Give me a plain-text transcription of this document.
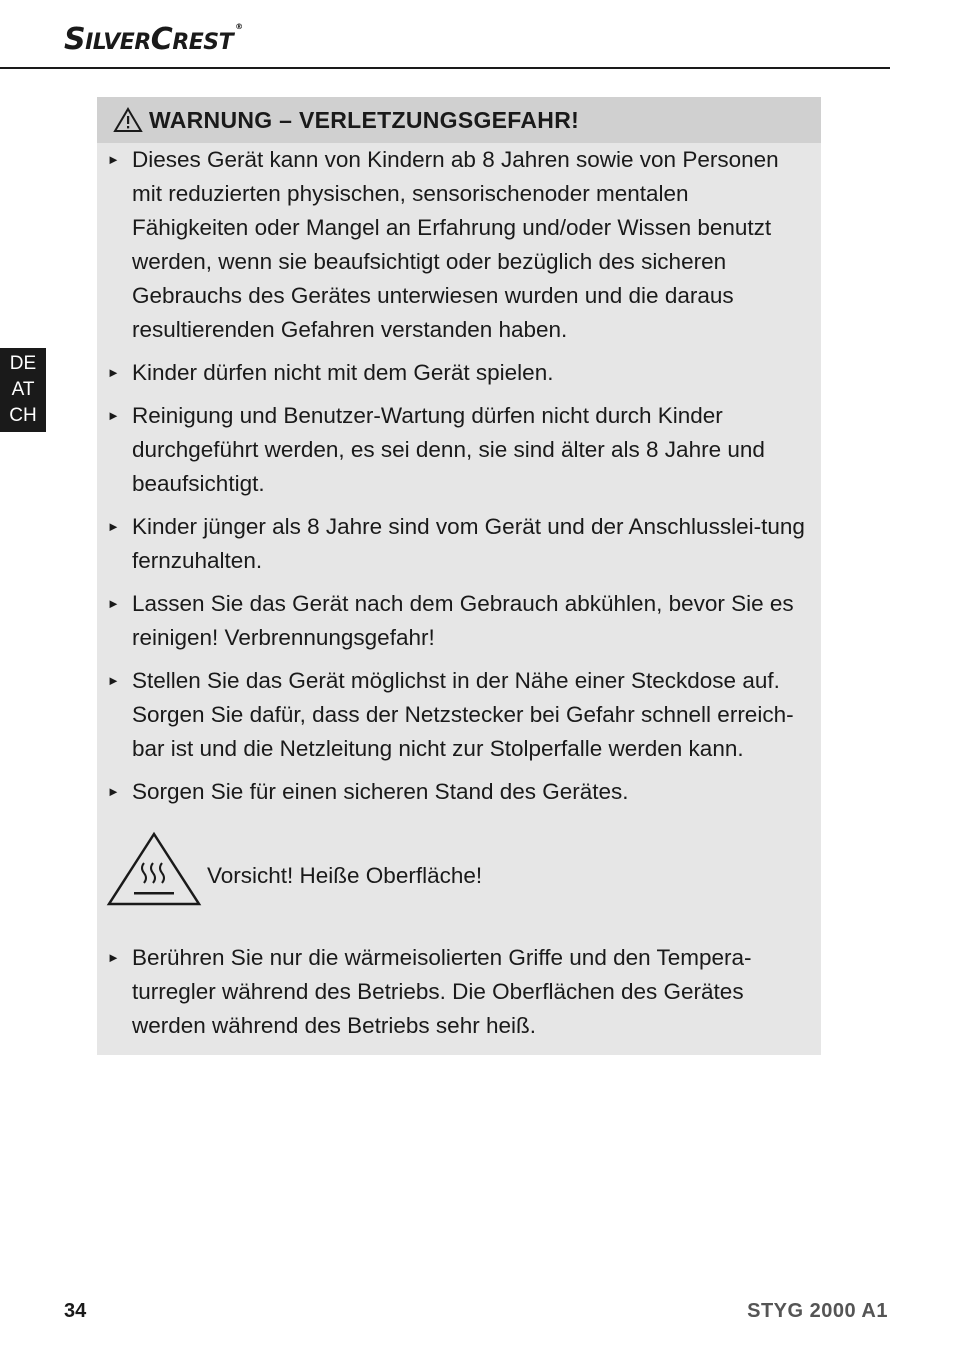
SILVERCREST®
DE
AT
CH
WARNUNG – VERLETZUNGSGEFAHR!
► Dieses Gerät kann von Kindern ab 8 Jahren sowie von Personen mit reduzierten physischen, sensorischenoder mentalen Fähigkeiten oder Mangel an Erfahrung und/oder Wissen benutzt werden, wenn sie beaufsichtigt oder bezüglich des sicheren Gebrauchs des Gerätes unterwiesen wurden und die daraus resultierenden Gefahren verstanden haben.
► Kinder dürfen nicht mit dem Gerät spielen.
► Reinigung und Benutzer-Wartung dürfen nicht durch Kinder durchgeführt werden, es sei denn, sie sind älter als 8 Jahre und beaufsichtigt.
► Kinder jünger als 8 Jahre sind vom Gerät und der Anschlusslei-tung fernzuhalten.
► Lassen Sie das Gerät nach dem Gebrauch abkühlen, bevor Sie es reinigen! Verbrennungsgefahr!
► Stellen Sie das Gerät möglichst in der Nähe einer Steckdose auf. Sorgen Sie dafür, dass der Netzstecker bei Gefahr schnell erreich-bar ist und die Netzleitung nicht zur Stolperfalle werden kann.
► Sorgen Sie für einen sicheren Stand des Gerätes.
Vorsicht! Heiße Oberfläche!
► Berühren Sie nur die wärmeisolierten Griffe und den Tempera-turregler während des Betriebs. Die Oberflächen des Gerätes werden während des Betriebs sehr heiß.
34	STYG 2000 A1
